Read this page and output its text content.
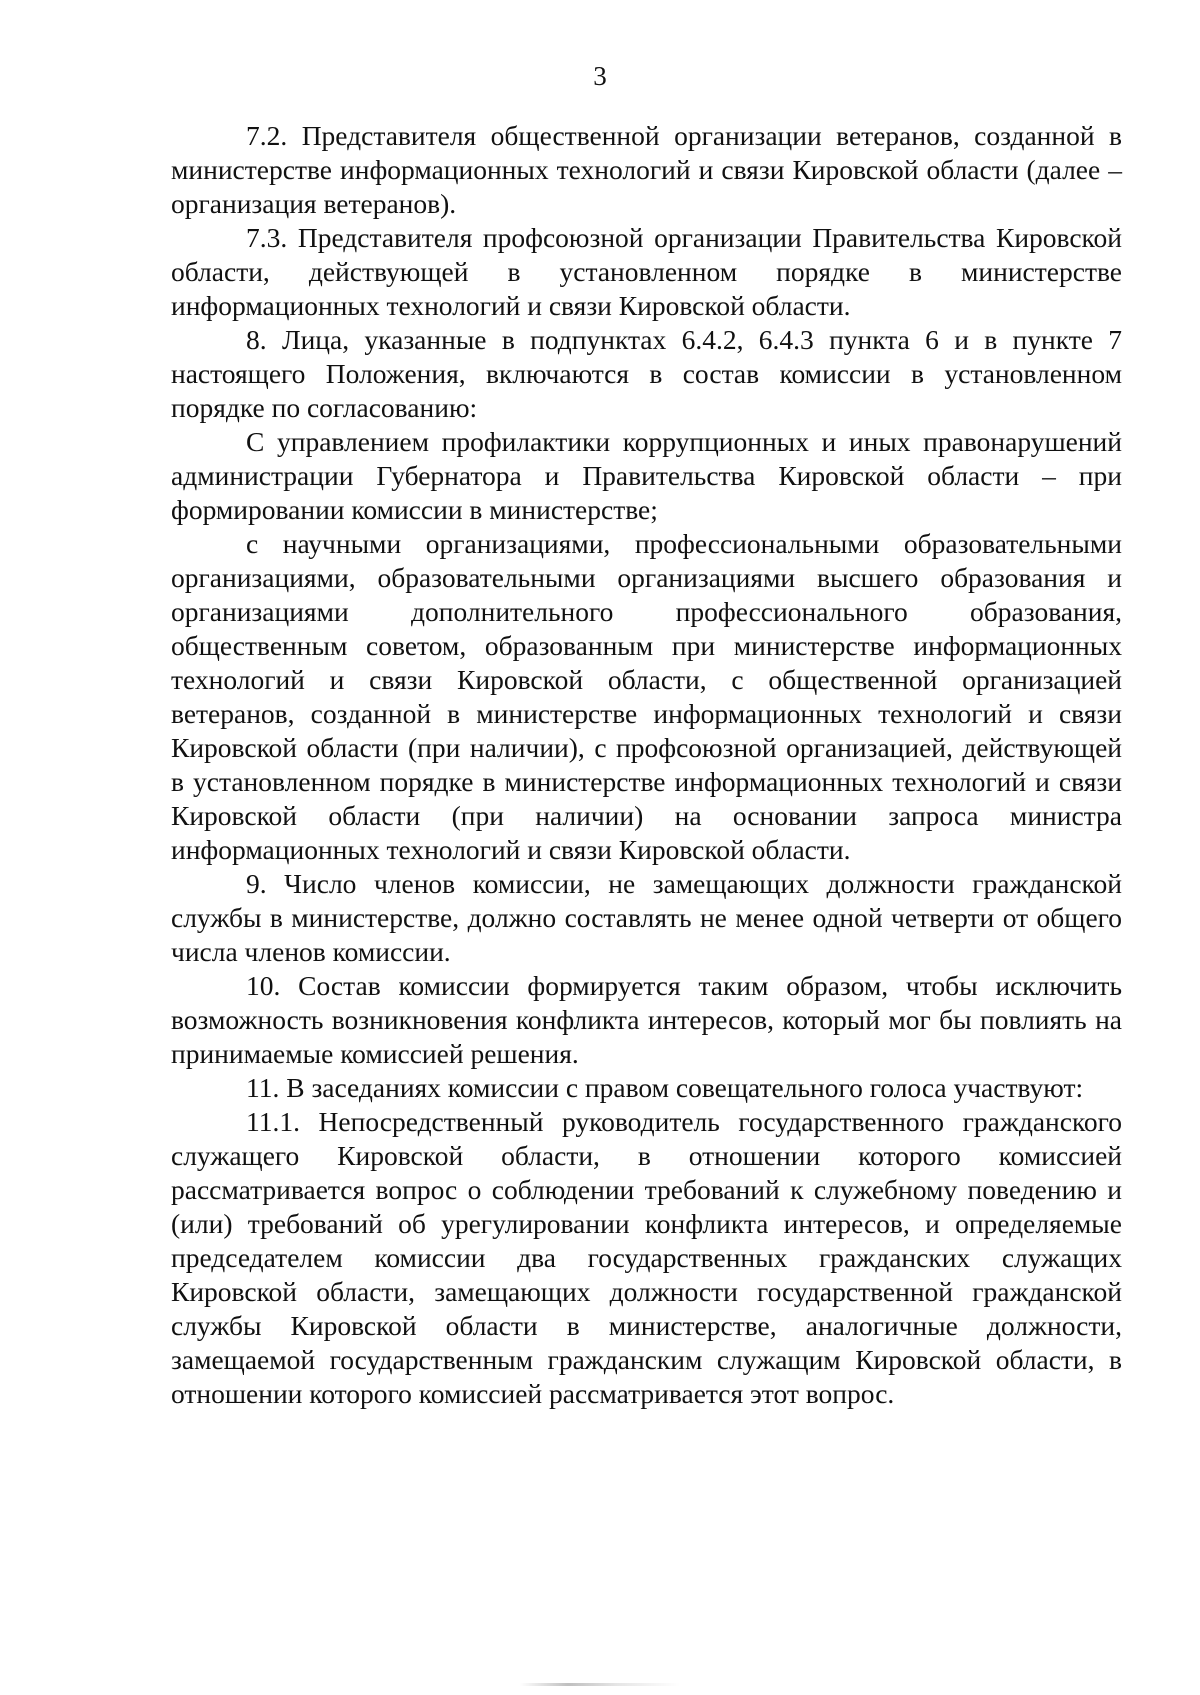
3

7.2. Представителя общественной организации ветеранов, созданной в министерстве информационных технологий и связи Кировской области (далее – организация ветеранов).

7.3. Представителя профсоюзной организации Правительства Кировской области, действующей в установленном порядке в министерстве информационных технологий и связи Кировской области.

8. Лица, указанные в подпунктах 6.4.2, 6.4.3 пункта 6 и в пункте 7 настоящего Положения, включаются в состав комиссии в установленном порядке по согласованию:

С управлением профилактики коррупционных и иных правонарушений администрации Губернатора и Правительства Кировской области – при формировании комиссии в министерстве;

с научными организациями, профессиональными образовательными организациями, образовательными организациями высшего образования и организациями дополнительного профессионального образования, общественным советом, образованным при министерстве информационных технологий и связи Кировской области, с общественной организацией ветеранов, созданной в министерстве информационных технологий и связи Кировской области (при наличии), с профсоюзной организацией, действующей в установленном порядке в министерстве информационных технологий и связи Кировской области (при наличии) на основании запроса министра информационных технологий и связи Кировской области.

9. Число членов комиссии, не замещающих должности гражданской службы в министерстве, должно составлять не менее одной четверти от общего числа членов комиссии.

10. Состав комиссии формируется таким образом, чтобы исключить возможность возникновения конфликта интересов, который мог бы повлиять на принимаемые комиссией решения.

11. В заседаниях комиссии с правом совещательного голоса участвуют:

11.1. Непосредственный руководитель государственного гражданского служащего Кировской области, в отношении которого комиссией рассматривается вопрос о соблюдении требований к служебному поведению и (или) требований об урегулировании конфликта интересов, и определяемые председателем комиссии два государственных гражданских служащих Кировской области, замещающих должности государственной гражданской службы Кировской области в министерстве, аналогичные должности, замещаемой государственным гражданским служащим Кировской области, в отношении которого комиссией рассматривается этот вопрос.
